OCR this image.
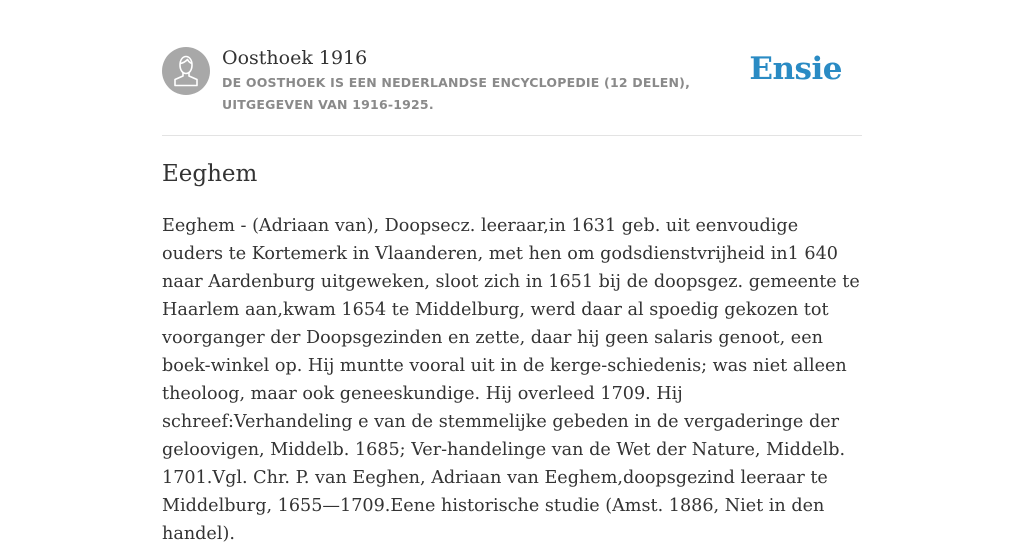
Oosthoek 1916
DE OOSTHOEK IS EEN NEDERLANDSE ENCYCLOPEDIE (12 DELEN), UITGEGEVEN VAN 1916-1925.
Ensie
Eeghem

Eeghem - (Adriaan van), Doopsecz. leeraar,in 1631 geb. uit eenvoudige ouders te Kortemerk in Vlaanderen, met hen om godsdienstvrijheid in1 640 naar Aardenburg uitgeweken, sloot zich in 1651 bij de doopsgez. gemeente te Haarlem aan,kwam 1654 te Middelburg, werd daar al spoedig gekozen tot voorganger der Doopsgezinden en zette, daar hij geen salaris genoot, een boek-winkel op. Hij muntte vooral uit in de kerge-schiedenis; was niet alleen theoloog, maar ook geneeskundige. Hij overleed 1709. Hij schreef:Verhandeling e van de stemmelijke gebeden in de vergaderinge der geloovigen, Middelb. 1685; Ver-handelinge van de Wet der Nature, Middelb. 1701.Vgl. Chr. P. van Eeghen, Adriaan van Eeghem,doopsgezind leeraar te Middelburg, 1655—1709.Eene historische studie (Amst. 1886, Niet in den handel).
